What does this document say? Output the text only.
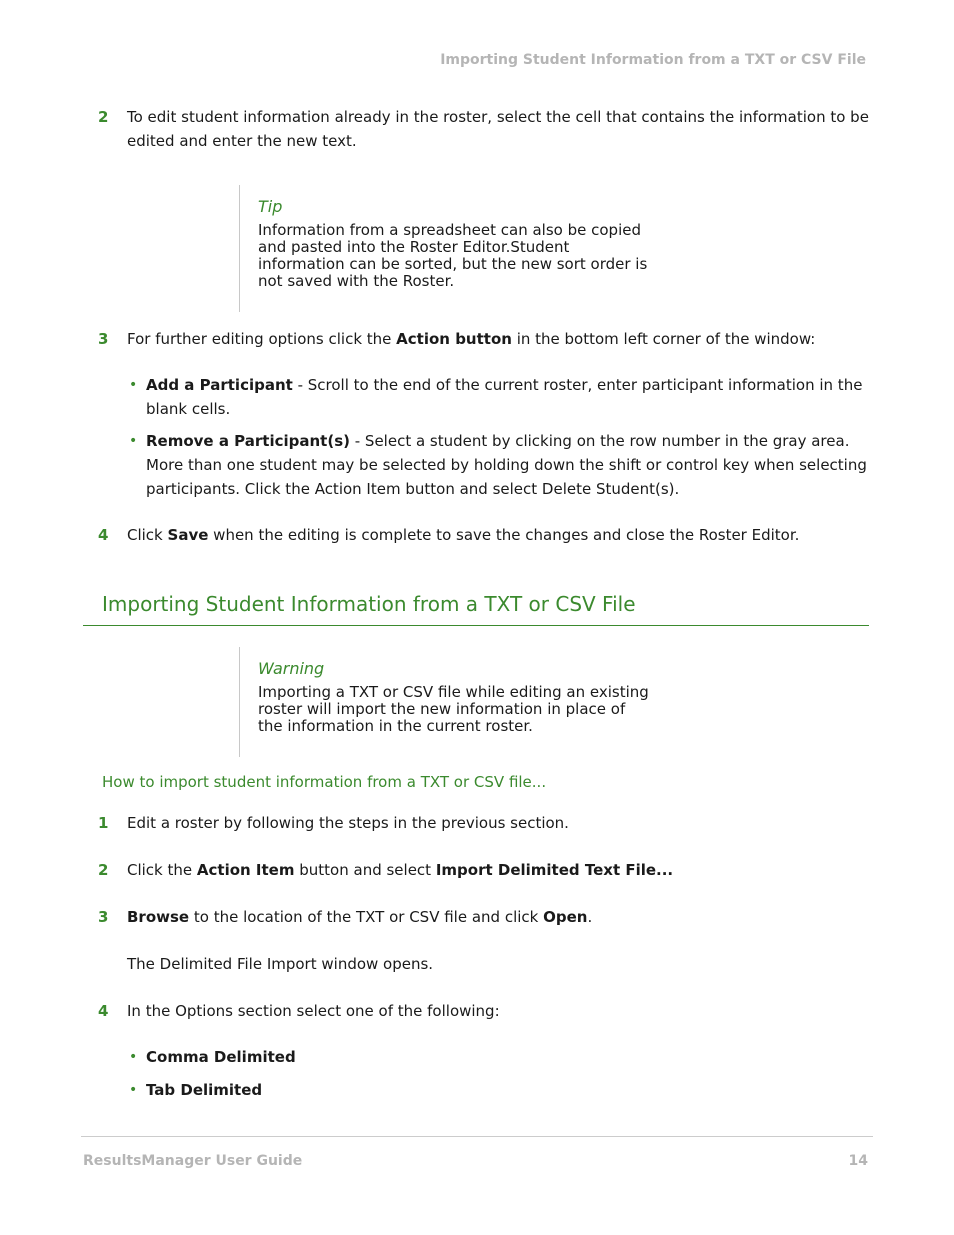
Importing Student Information from a TXT or CSV File
2 To edit student information already in the roster, select the cell that contains the information to be edited and enter the new text.
Tip
Information from a spreadsheet can also be copied and pasted into the Roster Editor.Student information can be sorted, but the new sort order is not saved with the Roster.
3 For further editing options click the Action button in the bottom left corner of the window:
• Add a Participant - Scroll to the end of the current roster, enter participant information in the blank cells.
• Remove a Participant(s) - Select a student by clicking on the row number in the gray area. More than one student may be selected by holding down the shift or control key when selecting participants. Click the Action Item button and select Delete Student(s).
4 Click Save when the editing is complete to save the changes and close the Roster Editor.
Importing Student Information from a TXT or CSV File
Warning
Importing a TXT or CSV file while editing an existing roster will import the new information in place of the information in the current roster.
How to import student information from a TXT or CSV file...
1 Edit a roster by following the steps in the previous section.
2 Click the Action Item button and select Import Delimited Text File...
3 Browse to the location of the TXT or CSV file and click Open.
The Delimited File Import window opens.
4 In the Options section select one of the following:
• Comma Delimited
• Tab Delimited
ResultsManager User Guide	14
